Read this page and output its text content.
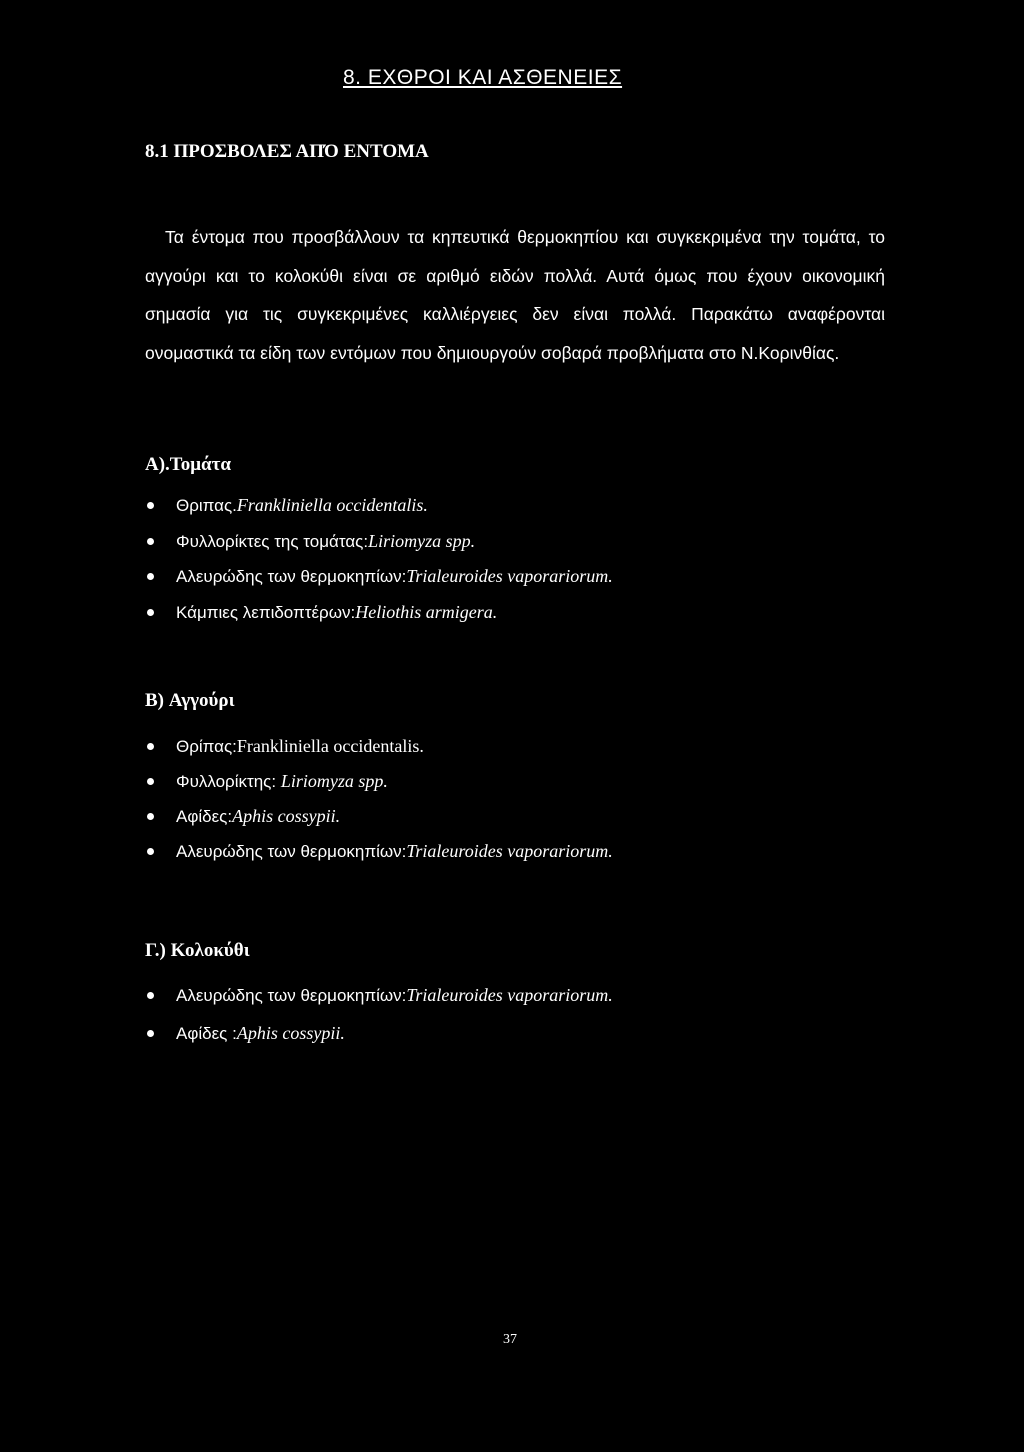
8. ΕΧΘΡΟΙ ΚΑΙ ΑΣΘΕΝΕΙΕΣ
8.1 ΠΡΟΣΒΟΛΕΣ ΑΠΌ ΕΝΤΟΜΑ

Τα έντομα που προσβάλλουν τα κηπευτικά θερμοκηπίου και συγκεκριμένα την τομάτα, το αγγούρι και το κολοκύθι είναι σε αριθμό ειδών πολλά. Αυτά όμως που έχουν οικονομική σημασία για τις συγκεκριμένες καλλιέργειες δεν είναι πολλά. Παρακάτω αναφέρονται ονομαστικά τα είδη των εντόμων που δημιουργούν σοβαρά προβλήματα στο Ν.Κορινθίας.

Α).Τομάτα
Θριπας.Frankliniella occidentalis.
Φυλλορίκτες της τομάτας:Liriomyza spp.
Αλευρώδης των θερμοκηπίων:Trialeuroides vaporariorum.
Κάμπιες λεπιδοπτέρων:Heliothis armigera.
B) Αγγούρι
Θρίπας:Frankliniella occidentalis.
Φυλλορίκτης: Liriomyza spp.
Αφίδες:Aphis cossypii.
Αλευρώδης των θερμοκηπίων:Trialeuroides vaporariorum.
Γ.) Κολοκύθι
Αλευρώδης των θερμοκηπίων:Trialeuroides vaporariorum.
Αφίδες :Aphis cossypii.

37
